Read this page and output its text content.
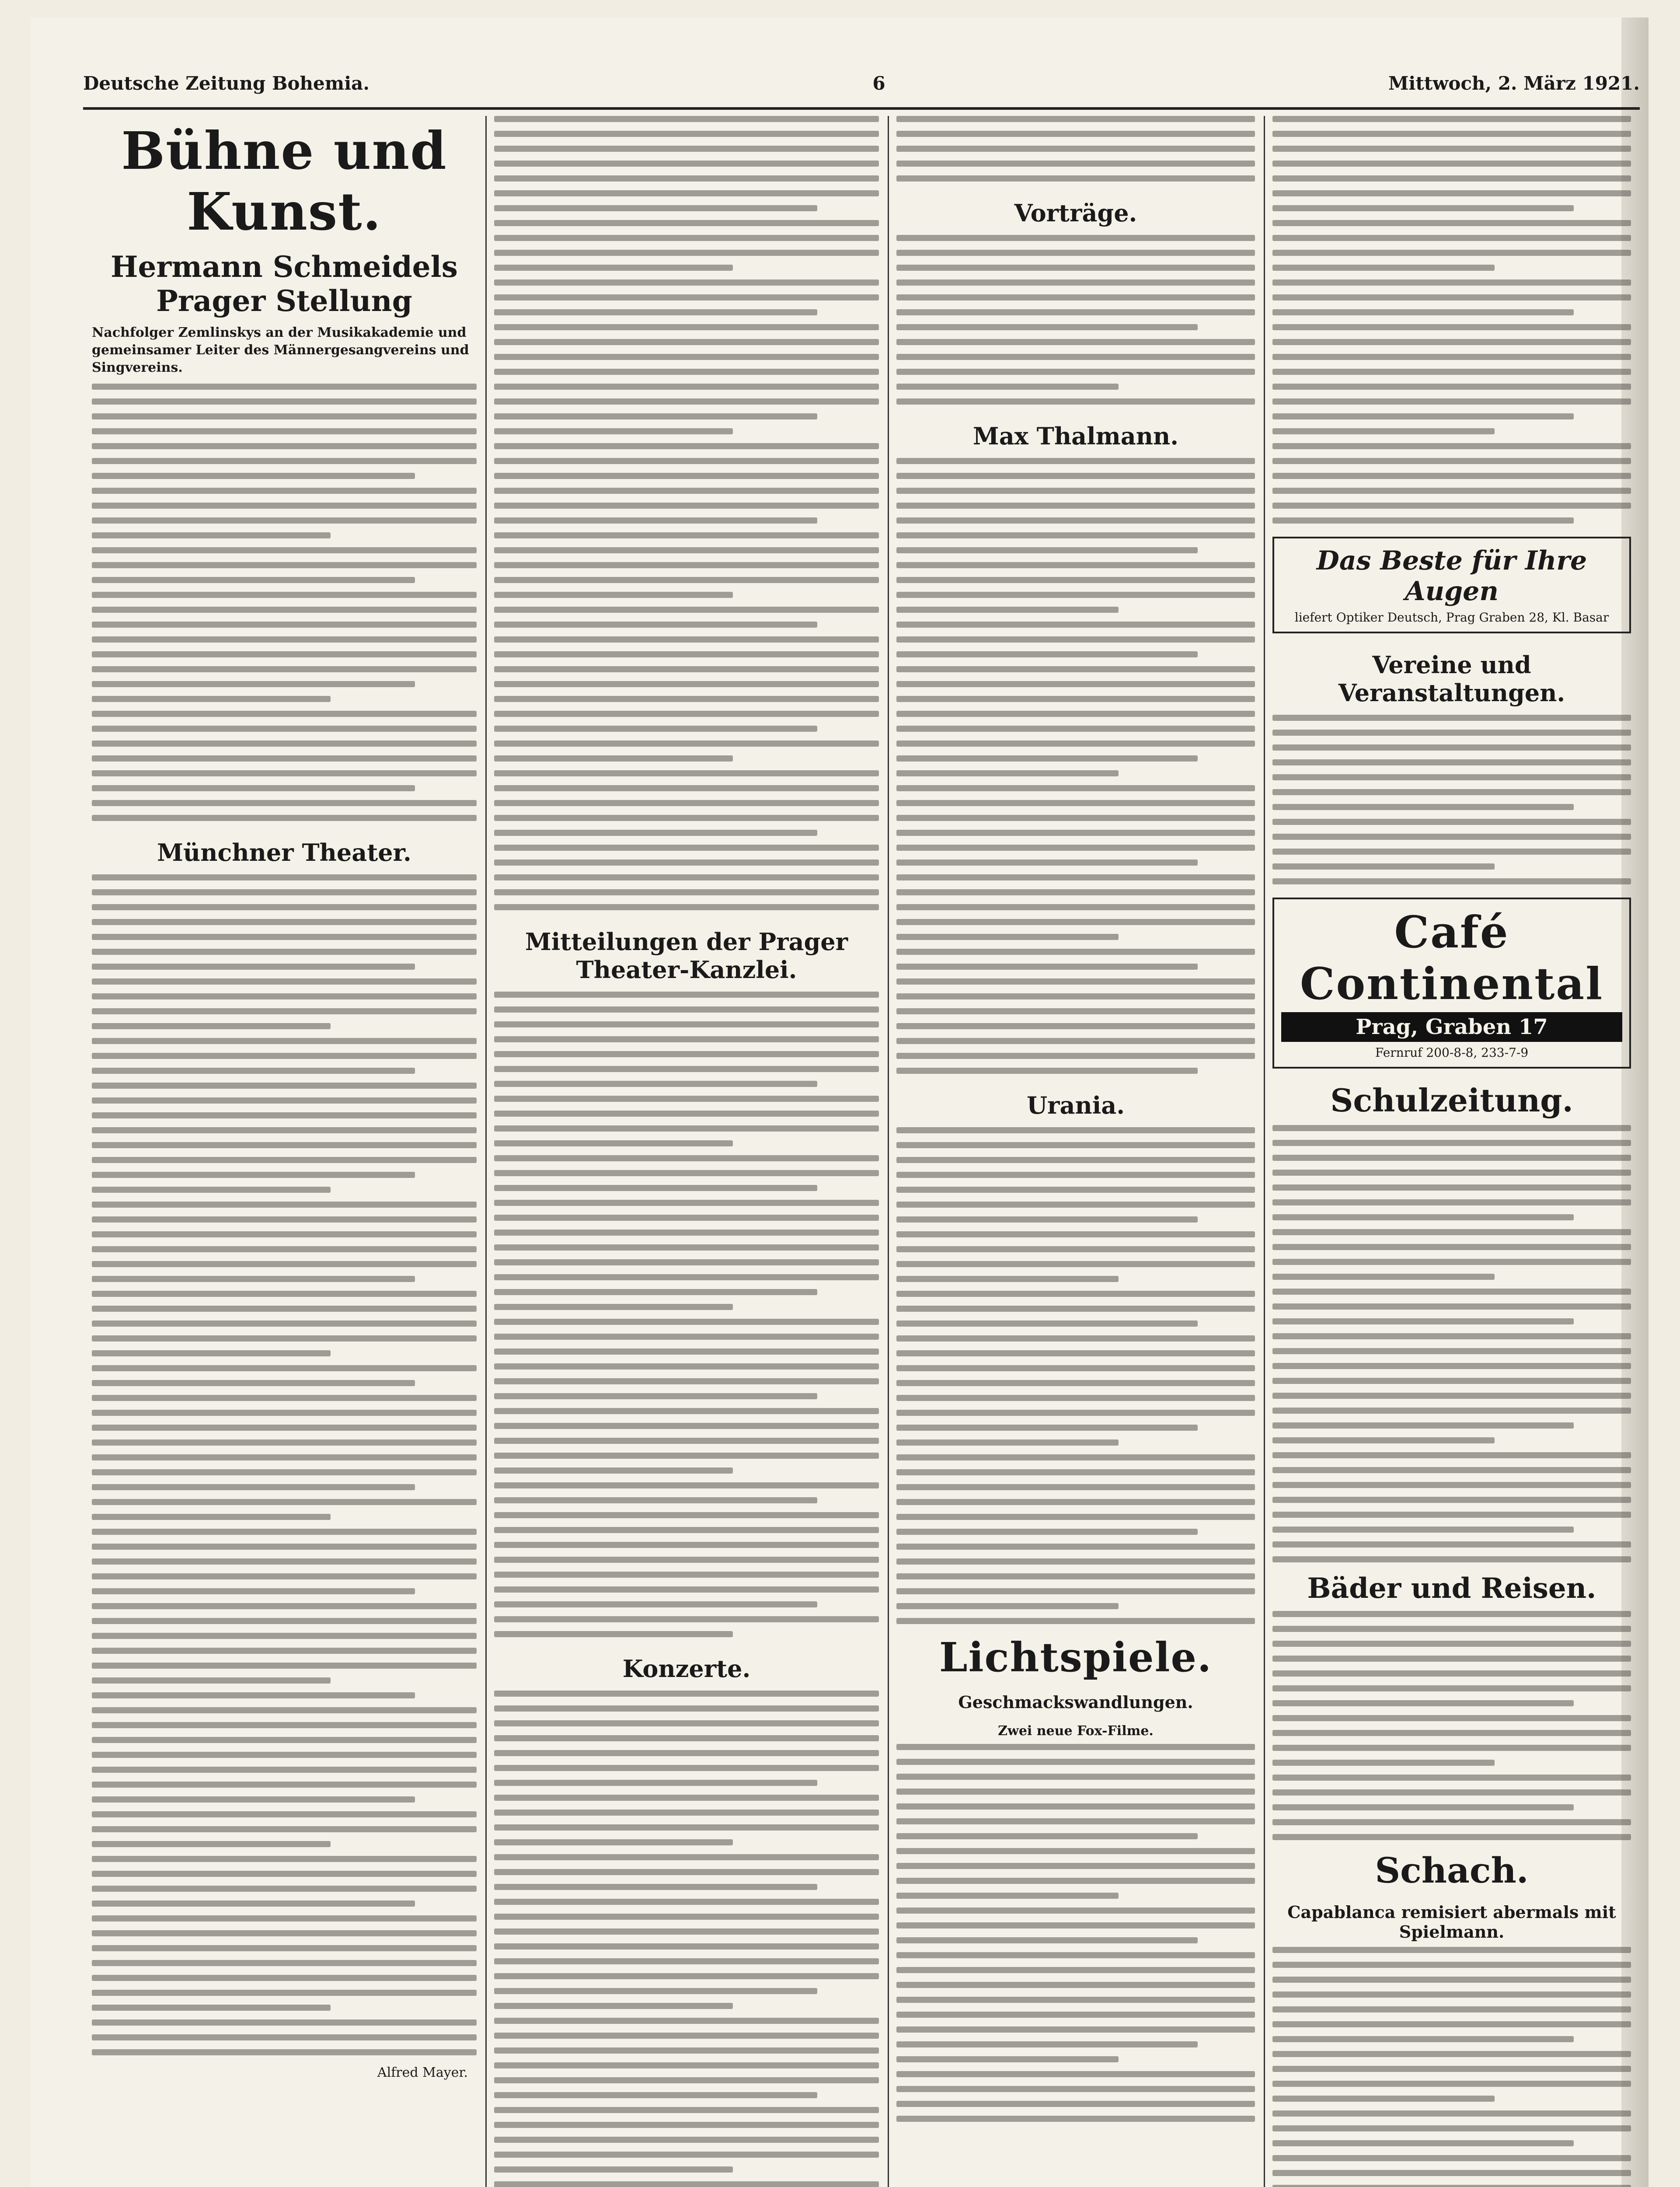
Deutsche Zeitung Bohemia.	6	Mittwoch, 2. März 1921.
Bühne und Kunst.
Hermann Schmeidels Prager Stellung
Nachfolger Zemlinskys an der Musikakademie und gemeinsamer Leiter des Männergesangvereins und Singvereins.
Münchner Theater.
Alfred Mayer.
Mitteilungen der Prager Theater-Kanzlei.
Konzerte.
Vorträge.
Max Thalmann.
Urania.
Lichtspiele.
Geschmackswandlungen.
Zwei neue Fox-Filme.
Das Beste für Ihre Augen
liefert Optiker Deutsch, Prag Graben 28, Kl. Basar
Vereine und Veranstaltungen.
Café Continental
Prag, Graben 17
Fernruf 200-8-8, 233-7-9
Schulzeitung.
Bäder und Reisen.
Schach.
Capablanca remisiert abermals mit Spielmann.
